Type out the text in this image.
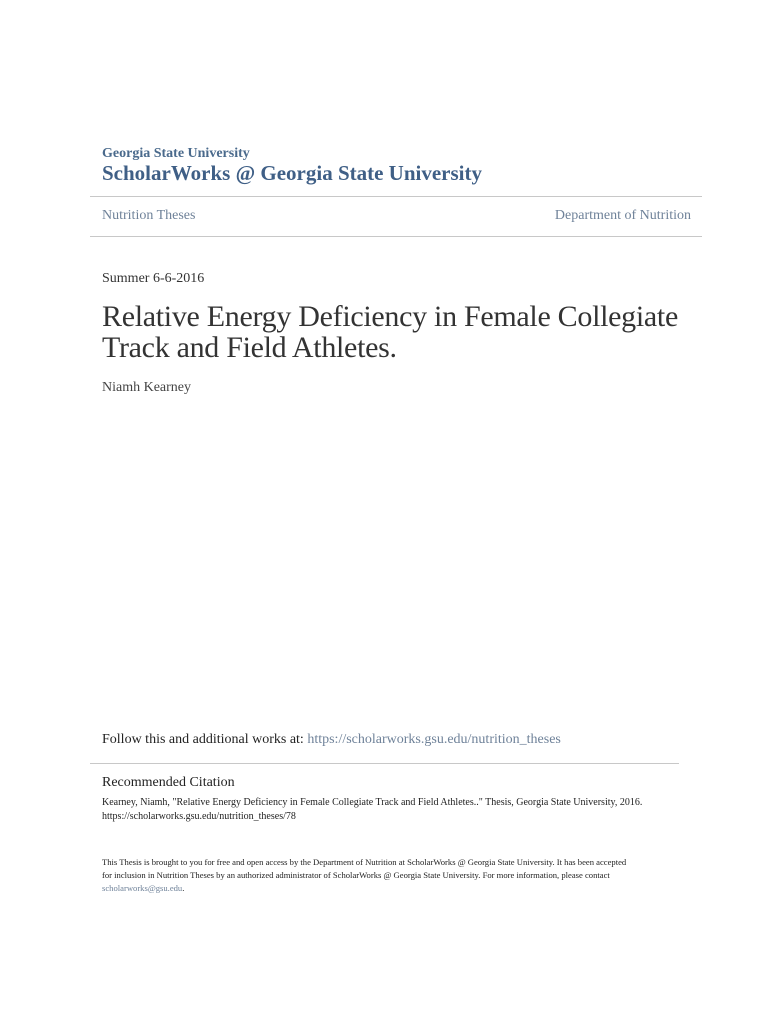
Georgia State University
ScholarWorks @ Georgia State University
Nutrition Theses	Department of Nutrition
Summer 6-6-2016
Relative Energy Deficiency in Female Collegiate Track and Field Athletes.
Niamh Kearney
Follow this and additional works at: https://scholarworks.gsu.edu/nutrition_theses
Recommended Citation
Kearney, Niamh, "Relative Energy Deficiency in Female Collegiate Track and Field Athletes.." Thesis, Georgia State University, 2016.
https://scholarworks.gsu.edu/nutrition_theses/78
This Thesis is brought to you for free and open access by the Department of Nutrition at ScholarWorks @ Georgia State University. It has been accepted
for inclusion in Nutrition Theses by an authorized administrator of ScholarWorks @ Georgia State University. For more information, please contact
scholarworks@gsu.edu.
